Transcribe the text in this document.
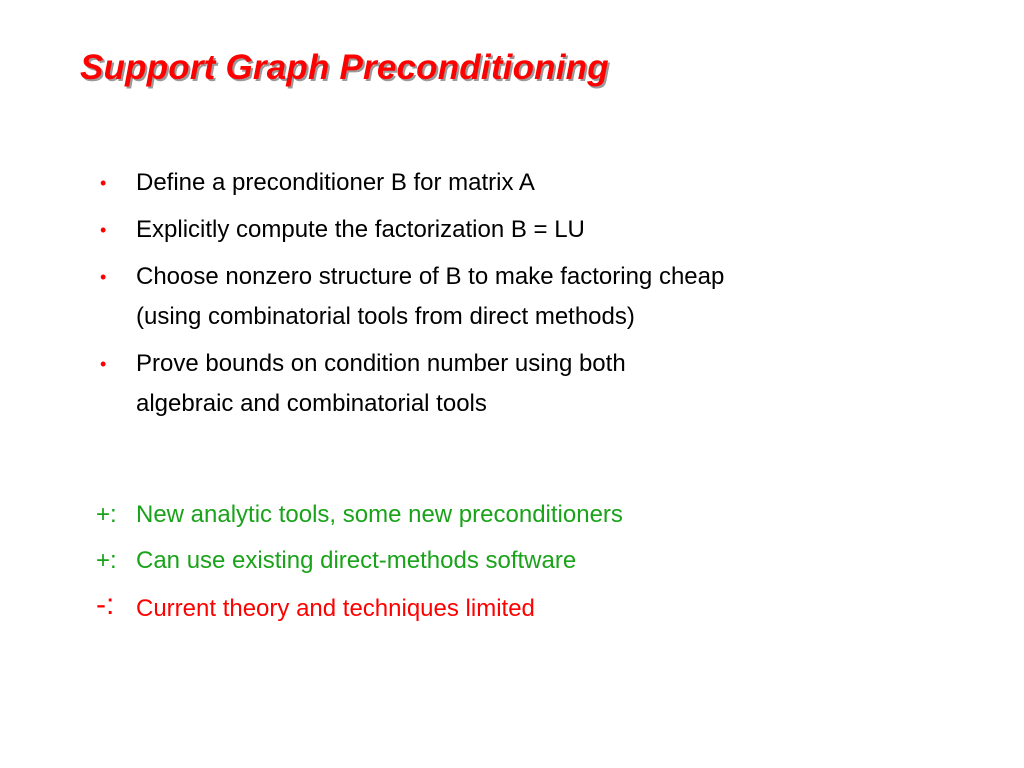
Support Graph Preconditioning
• Define a preconditioner B for matrix A
• Explicitly compute the factorization B = LU
• Choose nonzero structure of B to make factoring cheap
(using combinatorial tools from direct methods)
• Prove bounds on condition number using both
algebraic and combinatorial tools
+: New analytic tools, some new preconditioners
+: Can use existing direct-methods software
-: Current theory and techniques limited
